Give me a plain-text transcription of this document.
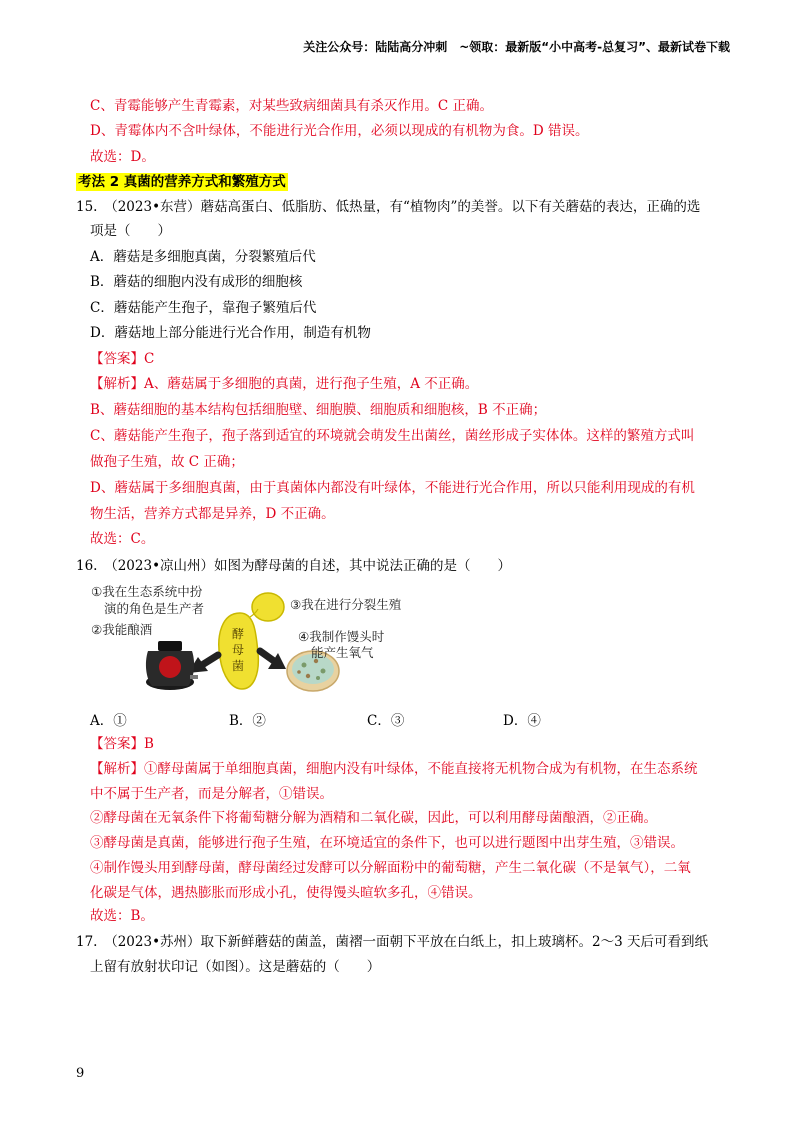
关注公众号：陆陆高分冲刺　~领取：最新版“小中高考-总复习”、最新试卷下载
C、青霉能够产生青霉素，对某些致病细菌具有杀灭作用。C 正确。
D、青霉体内不含叶绿体，不能进行光合作用，必须以现成的有机物为食。D 错误。
故选：D。
考法 2 真菌的营养方式和繁殖方式
15.　（2023•东营）蘑菇高蛋白、低脂肪、低热量，有“植物肉”的美誉。以下有关蘑菇的表达，正确的选
项是（　　）
A．蘑菇是多细胞真菌，分裂繁殖后代
B．蘑菇的细胞内没有成形的细胞核
C．蘑菇能产生孢子，靠孢子繁殖后代
D．蘑菇地上部分能进行光合作用，制造有机物
【答案】C
【解析】A、蘑菇属于多细胞的真菌，进行孢子生殖，A 不正确。
B、蘑菇细胞的基本结构包括细胞壁、细胞膜、细胞质和细胞核，B 不正确；
C、蘑菇能产生孢子，孢子落到适宜的环境就会萌发生出菌丝，菌丝形成子实体体。这样的繁殖方式叫
做孢子生殖，故 C 正确；
D、蘑菇属于多细胞真菌，由于真菌体内都没有叶绿体，不能进行光合作用，所以只能利用现成的有机
物生活，营养方式都是异养，D 不正确。
故选：C。
16.　（2023•凉山州）如图为酵母菌的自述，其中说法正确的是（　　）
①我在生态系统中扮
演的角色是生产者
②我能酿酒
③我在进行分裂生殖
④我制作馒头时
能产生氧气
酵
母
菌
A．①	B．②	C．③	D．④
【答案】B
【解析】①酵母菌属于单细胞真菌，细胞内没有叶绿体，不能直接将无机物合成为有机物，在生态系统
中不属于生产者，而是分解者，①错误。
②酵母菌在无氧条件下将葡萄糖分解为酒精和二氧化碳，因此，可以利用酵母菌酿酒，②正确。
③酵母菌是真菌，能够进行孢子生殖，在环境适宜的条件下，也可以进行题图中出芽生殖，③错误。
④制作馒头用到酵母菌，酵母菌经过发酵可以分解面粉中的葡萄糖，产生二氧化碳（不是氧气），二氧
化碳是气体，遇热膨胀而形成小孔，使得馒头暄软多孔，④错误。
故选：B。
17.　（2023•苏州）取下新鲜蘑菇的菌盖，菌褶一面朝下平放在白纸上，扣上玻璃杯。2～3 天后可看到纸
上留有放射状印记（如图）。这是蘑菇的（　　）
9
